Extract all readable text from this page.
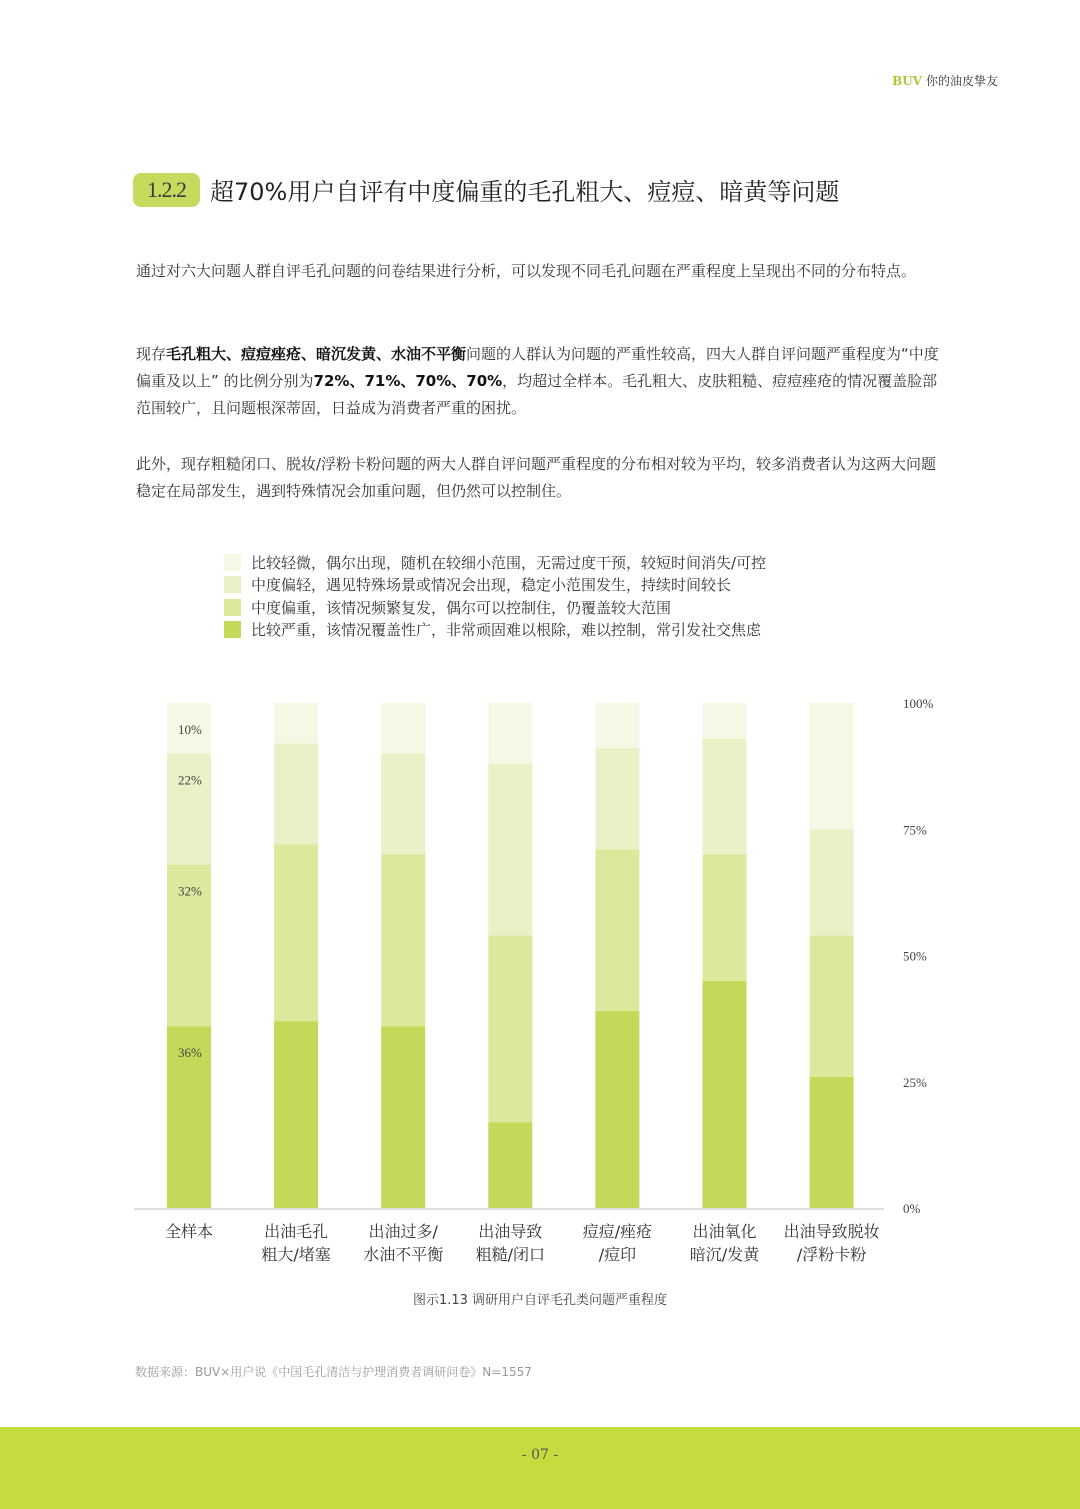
BUV 你的油皮挚友
1.2.2	超70%用户自评有中度偏重的毛孔粗大、痘痘、暗黄等问题

通过对六大问题人群自评毛孔问题的问卷结果进行分析，可以发现不同毛孔问题在严重程度上呈现出不同的分布特点。

现存毛孔粗大、痘痘痤疮、暗沉发黄、水油不平衡问题的人群认为问题的严重性较高，四大人群自评问题严重程度为“中度偏重及以上” 的比例分别为72%、71%、70%、70%，均超过全样本。毛孔粗大、皮肤粗糙、痘痘痤疮的情况覆盖脸部范围较广，且问题根深蒂固，日益成为消费者严重的困扰。

此外，现存粗糙闭口、脱妆/浮粉卡粉问题的两大人群自评问题严重程度的分布相对较为平均，较多消费者认为这两大问题稳定在局部发生，遇到特殊情况会加重问题，但仍然可以控制住。

比较轻微，偶尔出现，随机在较细小范围，无需过度干预，较短时间消失/可控
中度偏轻，遇见特殊场景或情况会出现，稳定小范围发生，持续时间较长
中度偏重，该情况频繁复发，偶尔可以控制住，仍覆盖较大范围
比较严重，该情况覆盖性广，非常顽固难以根除，难以控制，常引发社交焦虑
全样本	出油毛孔
粗大/堵塞
出油过多/
水油不平衡
出油导致
粗糙/闭口
痘痘/痤疮
/痘印
出油氧化
暗沉/发黄
出油导致脱妆
/浮粉卡粉
36%
32%
22%
10%
0%
25%
50%
75%
100%
图示1.13 调研用户自评毛孔类问题严重程度
数据来源：BUV×用户说《中国毛孔清洁与护理消费者调研问卷》N=1557
- 07 -
